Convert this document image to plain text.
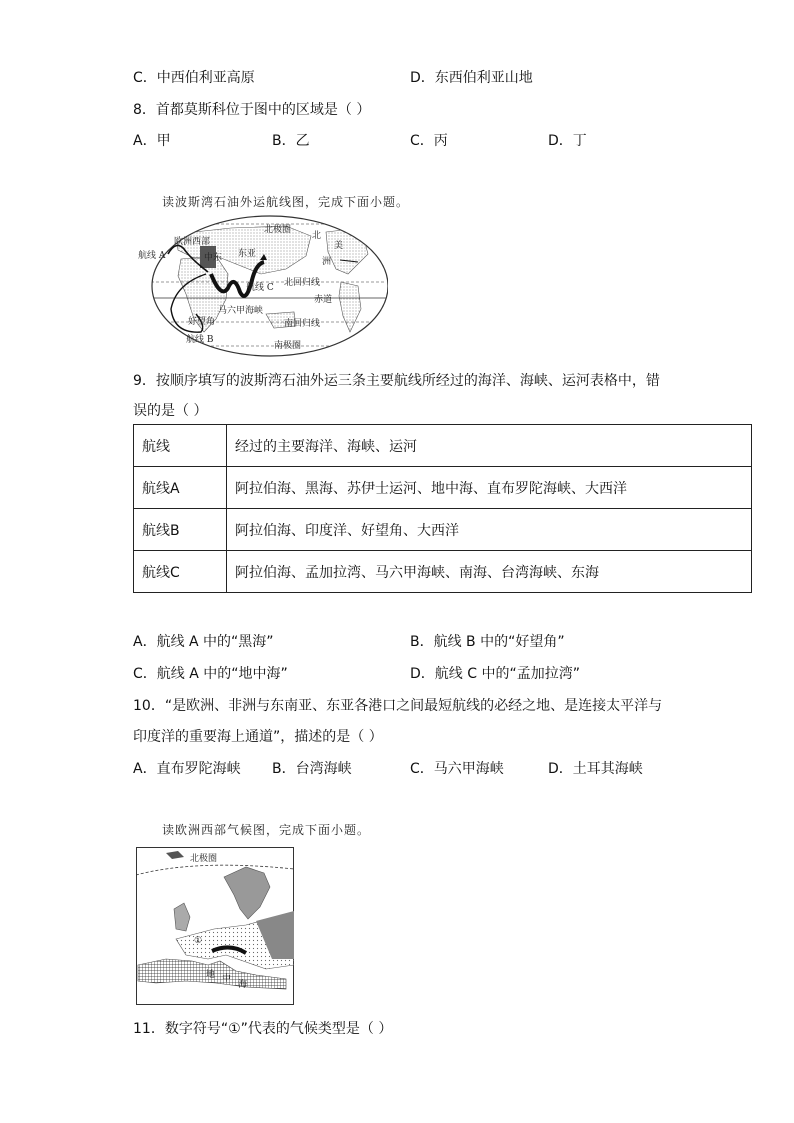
C．中西伯利亚高原	D．东西伯利亚山地
8．首都莫斯科位于图中的区域是（ ）
A．甲	B．乙	C．丙	D．丁
读波斯湾石油外运航线图，完成下面小题。
北极圈
欧洲西部
中东 东亚
北
美
洲
航线 A
航线 C 北回归线
赤道
马六甲海峡
好望角	南回归线
航线 B
南极圈
9．按顺序填写的波斯湾石油外运三条主要航线所经过的海洋、海峡、运河表格中，错
误的是（ ）
航线	经过的主要海洋、海峡、运河
航线A	阿拉伯海、黑海、苏伊士运河、地中海、直布罗陀海峡、大西洋
航线B	阿拉伯海、印度洋、好望角、大西洋
航线C	阿拉伯海、孟加拉湾、马六甲海峡、南海、台湾海峡、东海
A．航线 A 中的“黑海”	B．航线 B 中的“好望角”
C．航线 A 中的“地中海”	D．航线 C 中的“孟加拉湾”
10．“是欧洲、非洲与东南亚、东亚各港口之间最短航线的必经之地、是连接太平洋与
印度洋的重要海上通道”，描述的是（ ）
A．直布罗陀海峡 B．台湾海峡	C．马六甲海峡	D．土耳其海峡
读欧洲西部气候图，完成下面小题。
北极圈
①
地 中
海
11．数字符号“①”代表的气候类型是（ ）
